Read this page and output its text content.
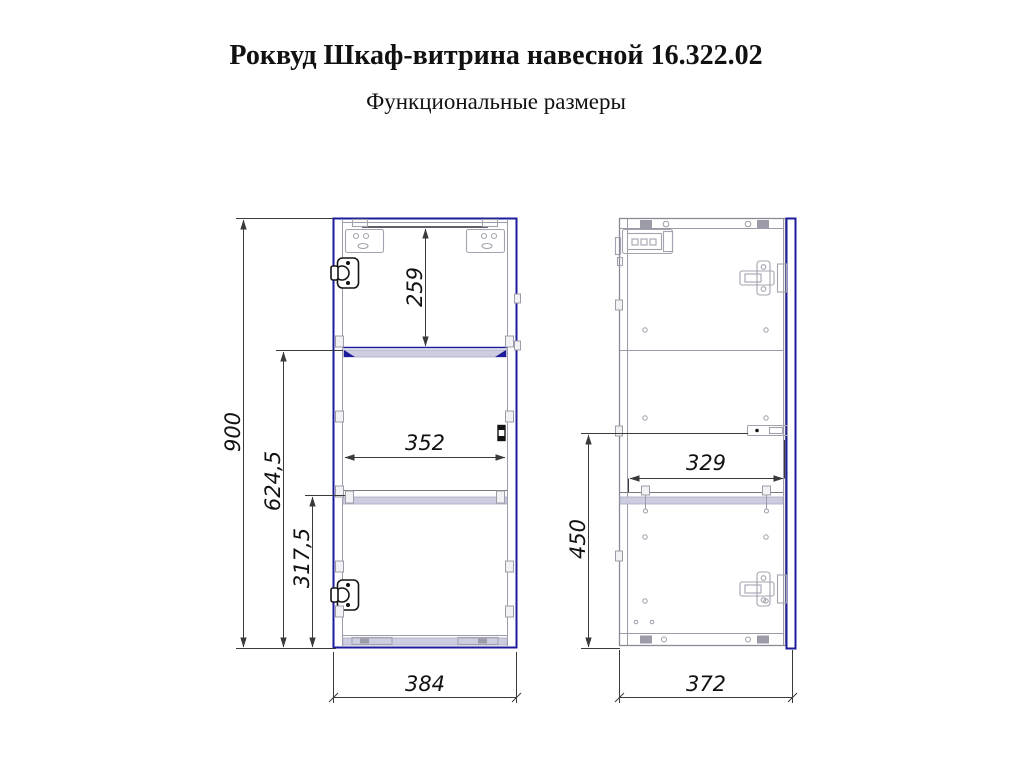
Роквуд Шкаф-витрина навесной 16.322.02
Функциональные размеры
900
624,5
317,5
259
352
384
450
329
372
